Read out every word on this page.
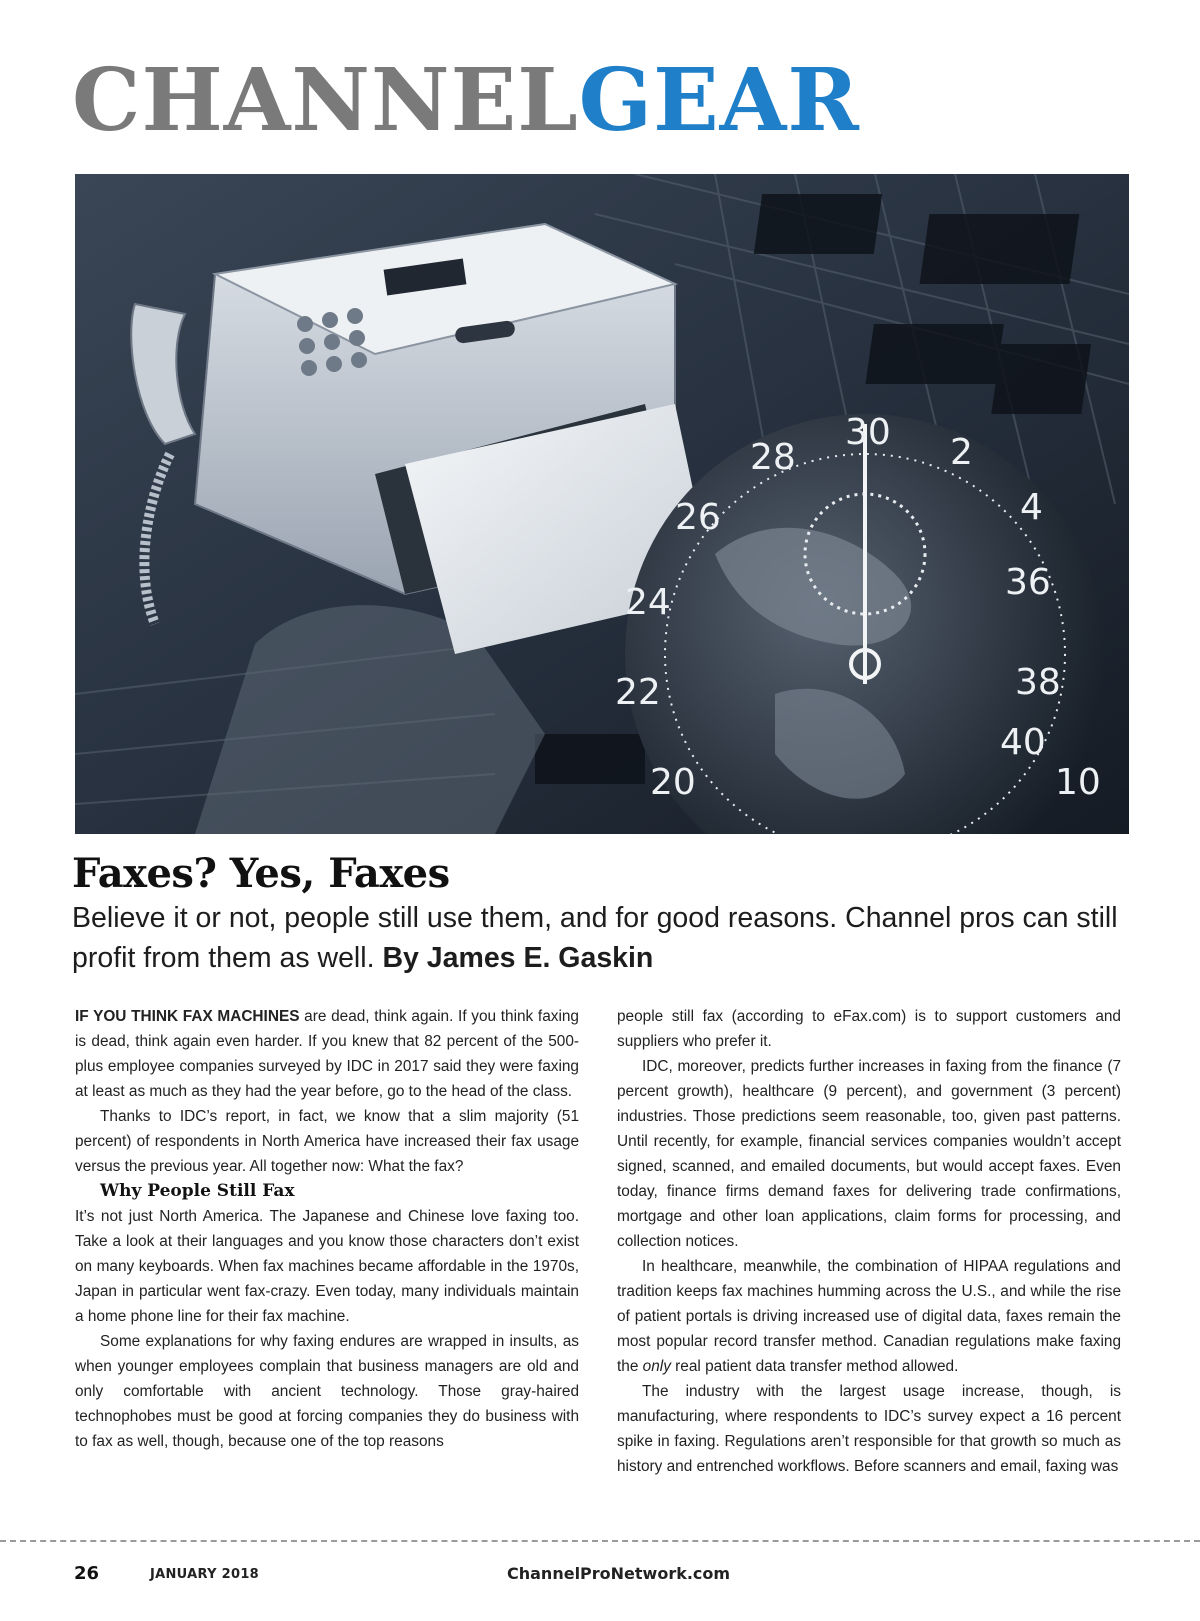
CHANNELGEAR
30 2
4
28
26
24
22
20
36
38
40
10
Faxes? Yes, Faxes
Believe it or not, people still use them, and for good reasons. Channel pros can still profit from them as well. By James E. Gaskin

IF YOU THINK FAX MACHINES are dead, think again. If you think faxing is dead, think again even harder. If you knew that 82 percent of the 500-plus employee companies surveyed by IDC in 2017 said they were faxing at least as much as they had the year before, go to the head of the class.

Thanks to IDC’s report, in fact, we know that a slim majority (51 percent) of respondents in North America have increased their fax usage versus the previous year. All together now: What the fax?

Why People Still Fax

It’s not just North America. The Japanese and Chinese love faxing too. Take a look at their languages and you know those characters don’t exist on many keyboards. When fax machines became affordable in the 1970s, Japan in particular went fax-crazy. Even today, many individuals maintain a home phone line for their fax machine.

Some explanations for why faxing endures are wrapped in insults, as when younger employees complain that business managers are old and only comfortable with ancient technology. Those gray-haired technophobes must be good at forcing companies they do business with to fax as well, though, because one of the top reasons

people still fax (according to eFax.com) is to support customers and suppliers who prefer it.

IDC, moreover, predicts further increases in faxing from the finance (7 percent growth), healthcare (9 percent), and government (3 percent) industries. Those predictions seem reasonable, too, given past patterns. Until recently, for example, financial services companies wouldn’t accept signed, scanned, and emailed documents, but would accept faxes. Even today, finance firms demand faxes for delivering trade confirmations, mortgage and other loan applications, claim forms for processing, and collection notices.

In healthcare, meanwhile, the combination of HIPAA regulations and tradition keeps fax machines humming across the U.S., and while the rise of patient portals is driving increased use of digital data, faxes remain the most popular record transfer method. Canadian regulations make faxing the only real patient data transfer method allowed.

The industry with the largest usage increase, though, is manufacturing, where respondents to IDC’s survey expect a 16 percent spike in faxing. Regulations aren’t responsible for that growth so much as history and entrenched workflows. Before scanners and email, faxing was

26	JANUARY 2018	ChannelProNetwork.com
